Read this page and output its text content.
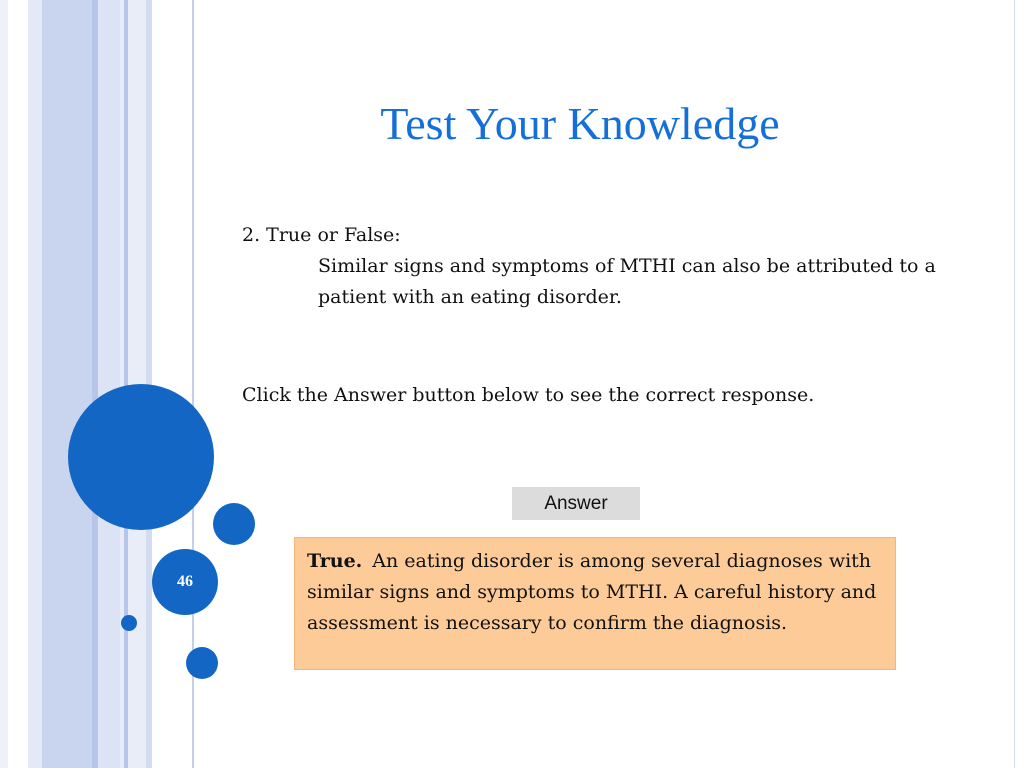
46
Test Your Knowledge
2. True or False:
Similar signs and symptoms of MTHI can also be attributed to a patient with an eating disorder.
Click the Answer button below to see the correct response.
Answer
True. An eating disorder is among several diagnoses with similar signs and symptoms to MTHI. A careful history and assessment is necessary to confirm the diagnosis.
